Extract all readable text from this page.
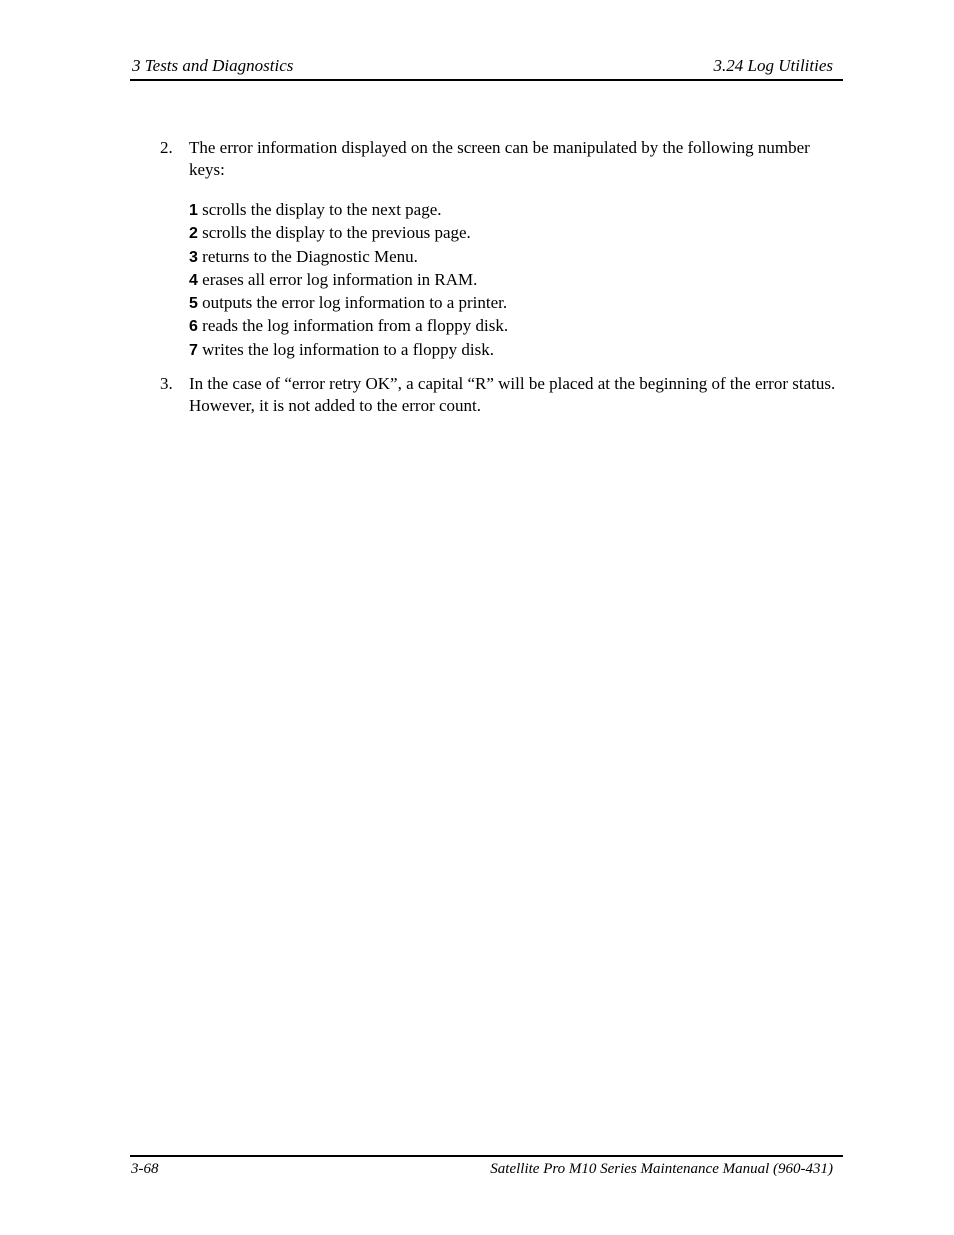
3 Tests and Diagnostics	3.24 Log Utilities
2. The error information displayed on the screen can be manipulated by the following number keys:
1 scrolls the display to the next page.
2 scrolls the display to the previous page.
3 returns to the Diagnostic Menu.
4 erases all error log information in RAM.
5 outputs the error log information to a printer.
6 reads the log information from a floppy disk.
7 writes the log information to a floppy disk.
3. In the case of “error retry OK”, a capital “R” will be placed at the beginning of the error status. However, it is not added to the error count.
3-68	Satellite Pro M10 Series Maintenance Manual (960-431)
